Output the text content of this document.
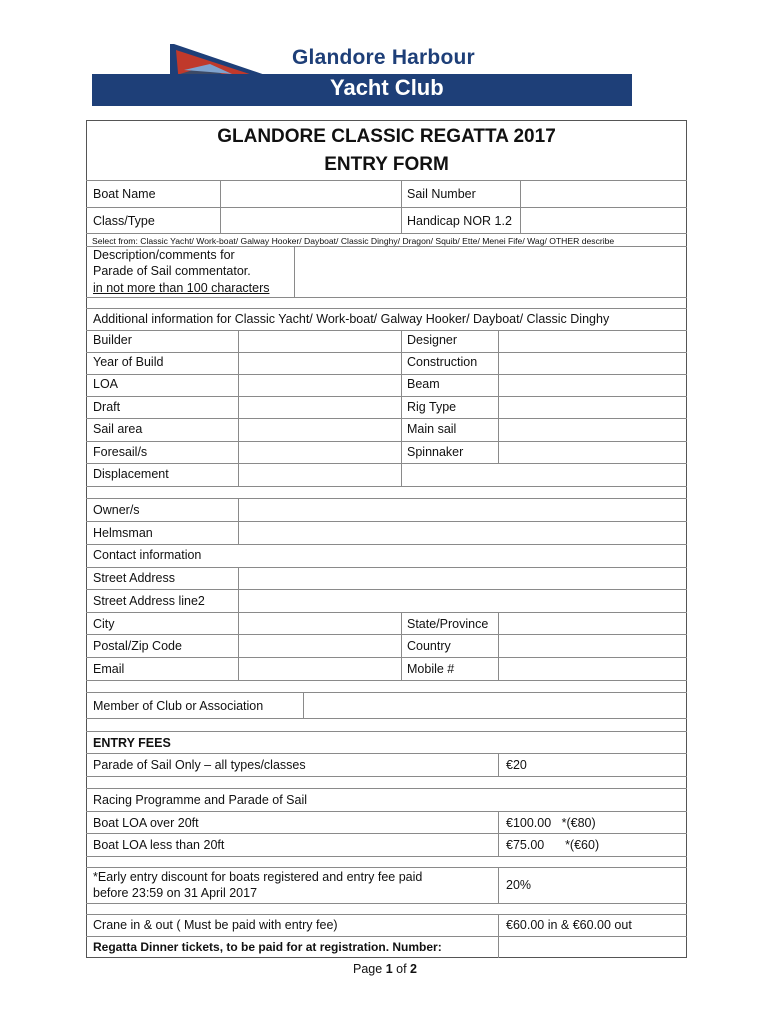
Glandore Harbour
Yacht Club
GLANDORE CLASSIC REGATTA 2017
ENTRY FORM
Boat Name	Sail Number
Class/Type	Handicap NOR 1.2
Select from: Classic Yacht/ Work-boat/ Galway Hooker/ Dayboat/ Classic Dinghy/ Dragon/ Squib/ Ette/ Menei Fife/ Wag/ OTHER describe
Description/comments for
Parade of Sail commentator.
in not more than 100 characters
Additional information for Classic Yacht/ Work-boat/ Galway Hooker/ Dayboat/ Classic Dinghy
Builder	Designer
Year of Build	Construction
LOA	Beam
Draft	Rig Type
Sail area	Main sail
Foresail/s	Spinnaker
Displacement
Owner/s
Helmsman
Contact information
Street Address
Street Address line2
City	State/Province
Postal/Zip Code	Country
Email	Mobile #
Member of Club or Association
ENTRY FEES
Parade of Sail Only – all types/classes	€20
Racing Programme and Parade of Sail
Boat LOA over 20ft	€100.00   *(€80)
Boat LOA less than 20ft	€75.00      *(€60)
*Early entry discount for boats registered and entry fee paid
before 23:59 on 31 April 2017
20%
Crane in & out ( Must be paid with entry fee)	€60.00 in & €60.00 out
Regatta Dinner tickets, to be paid for at registration. Number:
Page 1 of 2
